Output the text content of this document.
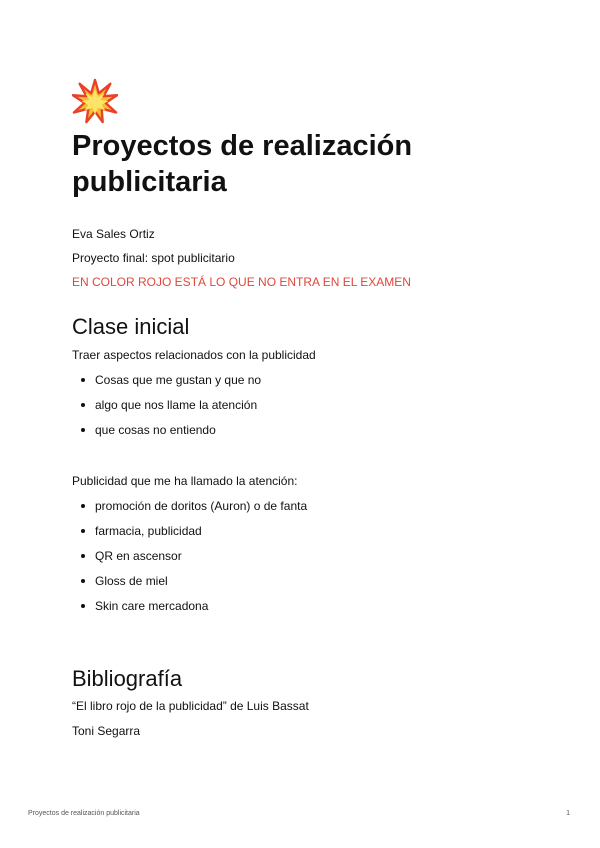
Proyectos de realización publicitaria

Eva Sales Ortiz

Proyecto final: spot publicitario

EN COLOR ROJO ESTÁ LO QUE NO ENTRA EN EL EXAMEN

Clase inicial

Traer aspectos relacionados con la publicidad

Cosas que me gustan y que no
algo que nos llame la atención
que cosas no entiendo

Publicidad que me ha llamado la atención:

promoción de doritos (Auron) o de fanta
farmacia, publicidad
QR en ascensor
Gloss de miel
Skin care mercadona
Bibliografía

“El libro rojo de la publicidad” de Luis Bassat

Toni Segarra

Proyectos de realización publicitaria	1
